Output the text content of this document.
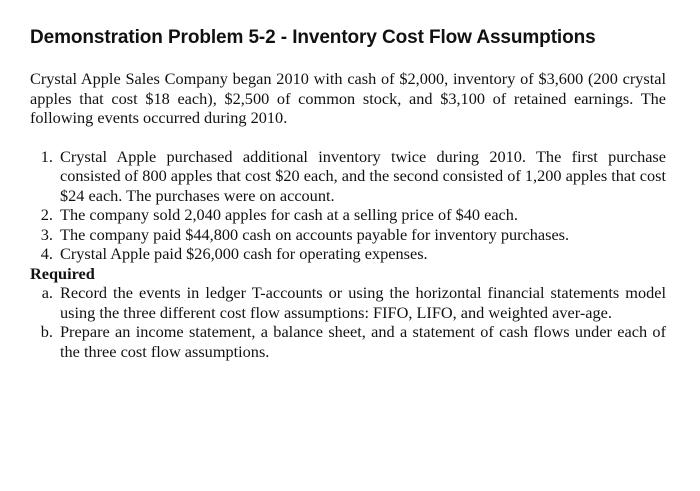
Demonstration Problem 5-2 - Inventory Cost Flow Assumptions

Crystal Apple Sales Company began 2010 with cash of $2,000, inventory of $3,600 (200 crystal apples that cost $18 each), $2,500 of common stock, and $3,100 of retained earnings. The following events occurred during 2010.

1. Crystal Apple purchased additional inventory twice during 2010. The first purchase consisted of 800 apples that cost $20 each, and the second consisted of 1,200 apples that cost $24 each. The purchases were on account.
2. The company sold 2,040 apples for cash at a selling price of $40 each.
3. The company paid $44,800 cash on accounts payable for inventory purchases.
4. Crystal Apple paid $26,000 cash for operating expenses.

Required

a. Record the events in ledger T-accounts or using the horizontal financial statements model using the three different cost flow assumptions: FIFO, LIFO, and weighted aver-age.
b. Prepare an income statement, a balance sheet, and a statement of cash flows under each of the three cost flow assumptions.
